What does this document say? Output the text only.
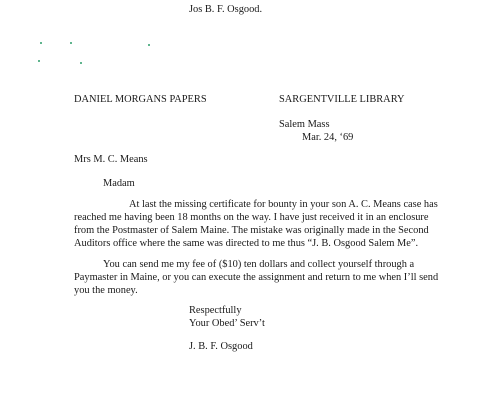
Jos B. F. Osgood.
DANIEL MORGANS PAPERS	SARGENTVILLE LIBRARY
Salem Mass
Mar. 24, ‘69
Mrs M. C. Means
Madam
At last the missing certificate for bounty in your son A. C. Means case has
reached me having been 18 months on the way. I have just received it in an enclosure
from the Postmaster of Salem Maine. The mistake was originally made in the Second
Auditors office where the same was directed to me thus “J. B. Osgood Salem Me”.
You can send me my fee of ($10) ten dollars and collect yourself through a
Paymaster in Maine, or you can execute the assignment and return to me when I’ll send
you the money.
Respectfully
Your Obed’ Serv’t
J. B. F. Osgood
